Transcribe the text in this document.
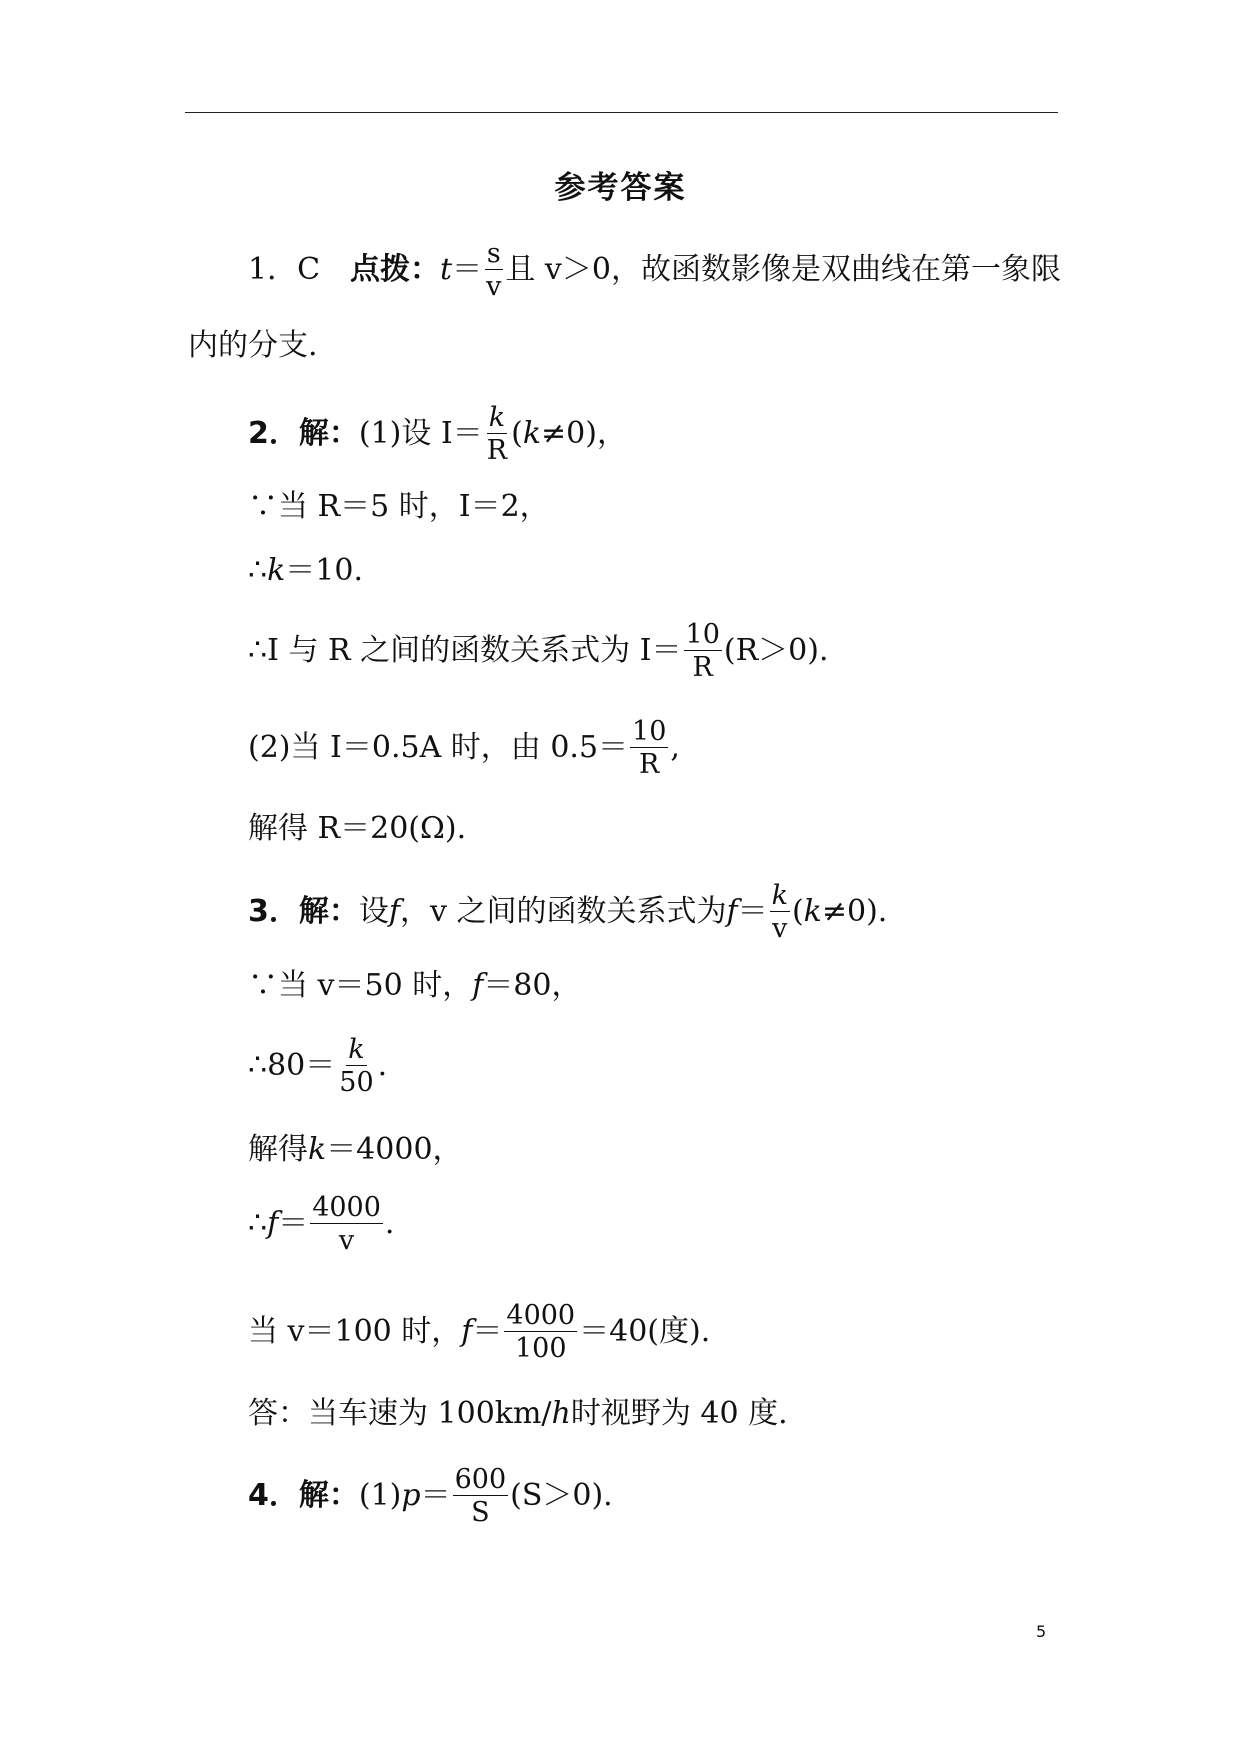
参考答案
1．C 点拨： $t = \frac{s}{v}$ 且 v＞0，故函数影像是双曲线在第一象限
内的分支.
2． 解： (1)设 $I= \frac{k}{R}$ ( k ≠0)，
∵当 R＝5 时，I＝2，
∴ k ＝10.
∴I 与 R 之间的函数关系式为 $I= \frac{10}{R} (R>0)$.
(2)当 I＝0.5A 时，由 $0.5= \frac{10}{R}$ ,
解得 R＝20(Ω).
3． 解： 设 f ，v 之间的函数关系式为 $f = \frac{k}{v}$ ( k ≠0).
∵当 v＝50 时， f ＝80，
∴80＝ $\frac{k}{50}$ .
解得 k ＝4000，
∴ $f = \frac{4000}{v}$ .
当 v＝100 时， $f = \frac{4000}{100} =40$(度).
答：当车速为 100km/ h 时视野为 40 度.
4． 解： (1) $p = \frac{600}{S} (S>0)$.
5
